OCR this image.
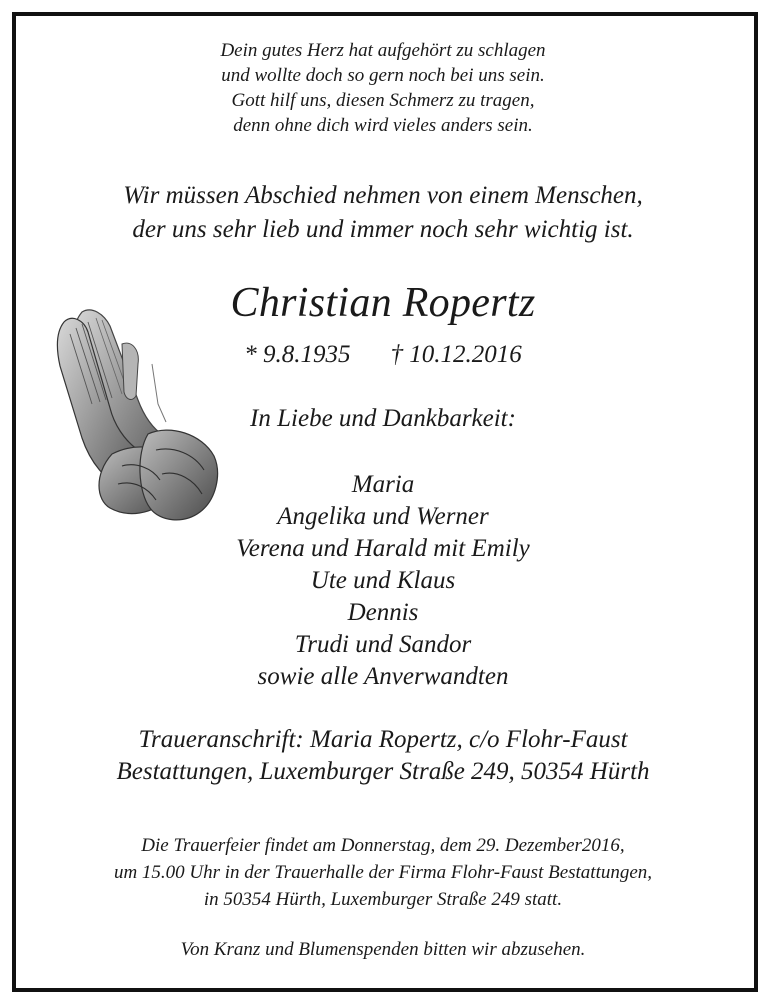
Dein gutes Herz hat aufgehört zu schlagen
und wollte doch so gern noch bei uns sein.
Gott hilf uns, diesen Schmerz zu tragen,
denn ohne dich wird vieles anders sein.
Wir müssen Abschied nehmen von einem Menschen,
der uns sehr lieb und immer noch sehr wichtig ist.
Christian Ropertz
* 9.8.1935 † 10.12.2016
In Liebe und Dankbarkeit:
Maria
Angelika und Werner
Verena und Harald mit Emily
Ute und Klaus
Dennis
Trudi und Sandor
sowie alle Anverwandten
Traueranschrift: Maria Ropertz, c/o Flohr-Faust
Bestattungen, Luxemburger Straße 249, 50354 Hürth
Die Trauerfeier findet am Donnerstag, dem 29. Dezember2016,
um 15.00 Uhr in der Trauerhalle der Firma Flohr-Faust Bestattungen,
in 50354 Hürth, Luxemburger Straße 249 statt.
Von Kranz und Blumenspenden bitten wir abzusehen.
